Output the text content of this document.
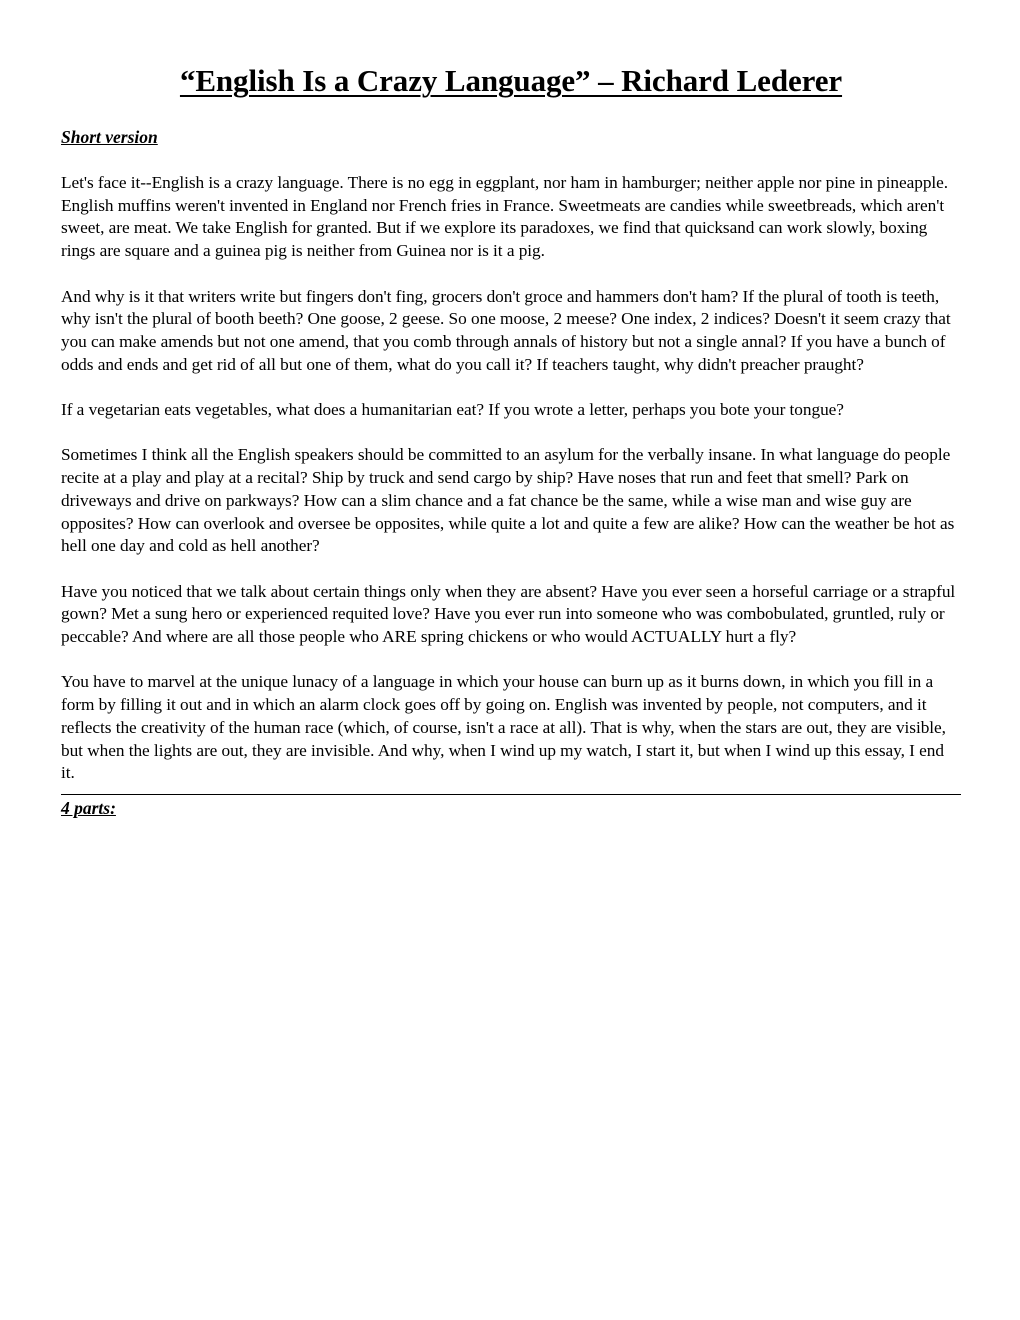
“English Is a Crazy Language” – Richard Lederer
Short version

Let's face it--English is a crazy language. There is no egg in eggplant, nor ham in hamburger; neither apple nor pine in pineapple. English muffins weren't invented in England nor French fries in France. Sweetmeats are candies while sweetbreads, which aren't sweet, are meat. We take English for granted. But if we explore its paradoxes, we find that quicksand can work slowly, boxing rings are square and a guinea pig is neither from Guinea nor is it a pig.

And why is it that writers write but fingers don't fing, grocers don't groce and hammers don't ham? If the plural of tooth is teeth, why isn't the plural of booth beeth? One goose, 2 geese. So one moose, 2 meese? One index, 2 indices? Doesn't it seem crazy that you can make amends but not one amend, that you comb through annals of history but not a single annal? If you have a bunch of odds and ends and get rid of all but one of them, what do you call it? If teachers taught, why didn't preacher praught?

If a vegetarian eats vegetables, what does a humanitarian eat? If you wrote a letter, perhaps you bote your tongue?

Sometimes I think all the English speakers should be committed to an asylum for the verbally insane. In what language do people recite at a play and play at a recital? Ship by truck and send cargo by ship? Have noses that run and feet that smell? Park on driveways and drive on parkways? How can a slim chance and a fat chance be the same, while a wise man and wise guy are opposites? How can overlook and oversee be opposites, while quite a lot and quite a few are alike? How can the weather be hot as hell one day and cold as hell another?

Have you noticed that we talk about certain things only when they are absent? Have you ever seen a horseful carriage or a strapful gown? Met a sung hero or experienced requited love? Have you ever run into someone who was combobulated, gruntled, ruly or peccable? And where are all those people who ARE spring chickens or who would ACTUALLY hurt a fly?

You have to marvel at the unique lunacy of a language in which your house can burn up as it burns down, in which you fill in a form by filling it out and in which an alarm clock goes off by going on. English was invented by people, not computers, and it reflects the creativity of the human race (which, of course, isn't a race at all). That is why, when the stars are out, they are visible, but when the lights are out, they are invisible. And why, when I wind up my watch, I start it, but when I wind up this essay, I end it.

4 parts:
